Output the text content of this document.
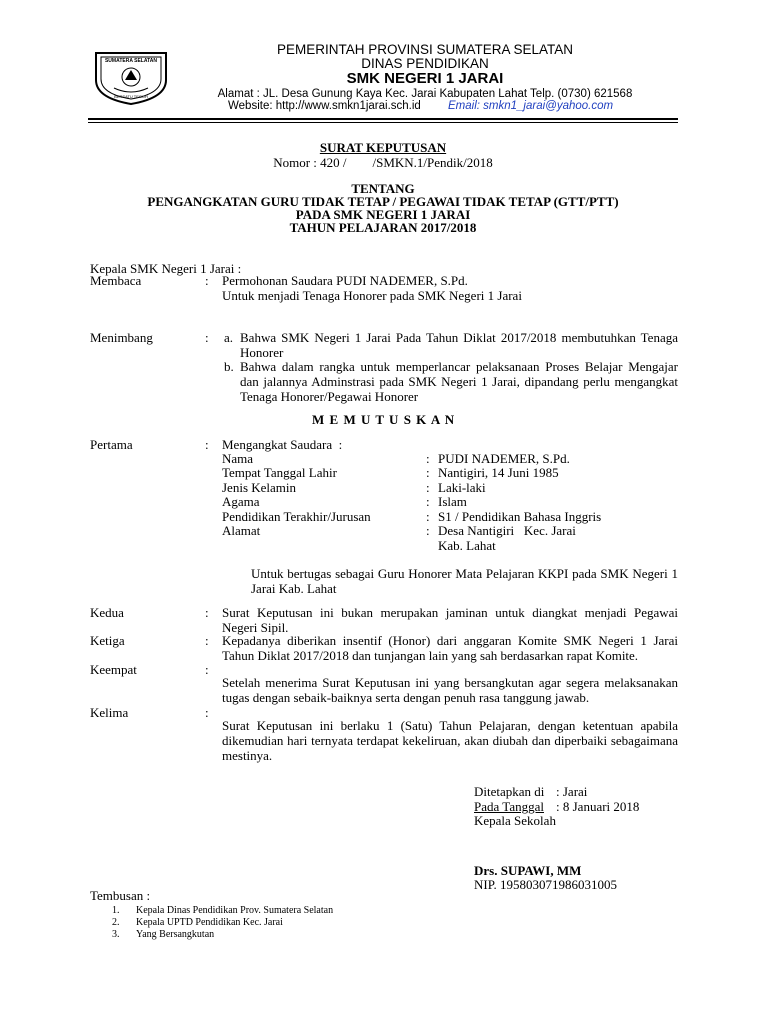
SUMATERA SELATAN
BERSATU TEGUH
PEMERINTAH PROVINSI SUMATERA SELATAN
DINAS PENDIDIKAN
SMK NEGERI 1 JARAI
Alamat : JL. Desa Gunung Kaya Kec. Jarai Kabupaten Lahat Telp. (0730) 621568
Website: http://www.smkn1jarai.sch.id Email: smkn1_jarai@yahoo.com
SURAT KEPUTUSAN
Nomor : 420 /        /SMKN.1/Pendik/2018
TENTANG
PENGANGKATAN GURU TIDAK TETAP / PEGAWAI TIDAK TETAP (GTT/PTT)
PADA SMK NEGERI 1 JARAI
TAHUN PELAJARAN 2017/2018
Kepala SMK Negeri 1 Jarai :
Membaca	: Permohonan Saudara PUDI NADEMER, S.Pd.
Untuk menjadi Tenaga Honorer pada SMK Negeri 1 Jarai
Menimbang	: a. Bahwa SMK Negeri 1 Jarai Pada Tahun Diklat 2017/2018 membutuhkan Tenaga Honorer
b. Bahwa dalam rangka untuk memperlancar pelaksanaan Proses Belajar Mengajar dan jalannya Adminstrasi pada SMK Negeri 1 Jarai, dipandang perlu mengangkat Tenaga Honorer/Pegawai Honorer
M E M U T U S K A N
Pertama	: Mengangkat Saudara  :
Nama	: PUDI NADEMER, S.Pd.
Tempat Tanggal Lahir	: Nantigiri, 14 Juni 1985
Jenis Kelamin	: Laki-laki
Agama	: Islam
Pendidikan Terakhir/Jurusan	: S1 / Pendidikan Bahasa Inggris
Alamat	: Desa Nantigiri   Kec. Jarai
Kab. Lahat
Untuk bertugas sebagai Guru Honorer Mata Pelajaran KKPI pada SMK Negeri 1 Jarai Kab. Lahat
Kedua	: Surat Keputusan ini bukan merupakan jaminan untuk diangkat menjadi Pegawai Negeri Sipil.
Ketiga	: Kepadanya diberikan insentif (Honor) dari anggaran Komite SMK Negeri 1 Jarai Tahun Diklat 2017/2018 dan tunjangan lain yang sah berdasarkan rapat Komite.
Keempat	:
Setelah menerima Surat Keputusan ini yang bersangkutan agar segera melaksanakan tugas dengan sebaik-baiknya serta dengan penuh rasa tanggung jawab.
Kelima	:
Surat Keputusan ini berlaku 1 (Satu) Tahun Pelajaran, dengan ketentuan apabila dikemudian hari ternyata terdapat kekeliruan, akan diubah dan diperbaiki sebagaimana mestinya.
Ditetapkan di : Jarai
Pada Tanggal : 8 Januari 2018
Kepala Sekolah
Drs. SUPAWI, MM
NIP. 195803071986031005
Tembusan :
1. Kepala Dinas Pendidikan Prov. Sumatera Selatan
2. Kepala UPTD Pendidikan Kec. Jarai
3. Yang Bersangkutan
